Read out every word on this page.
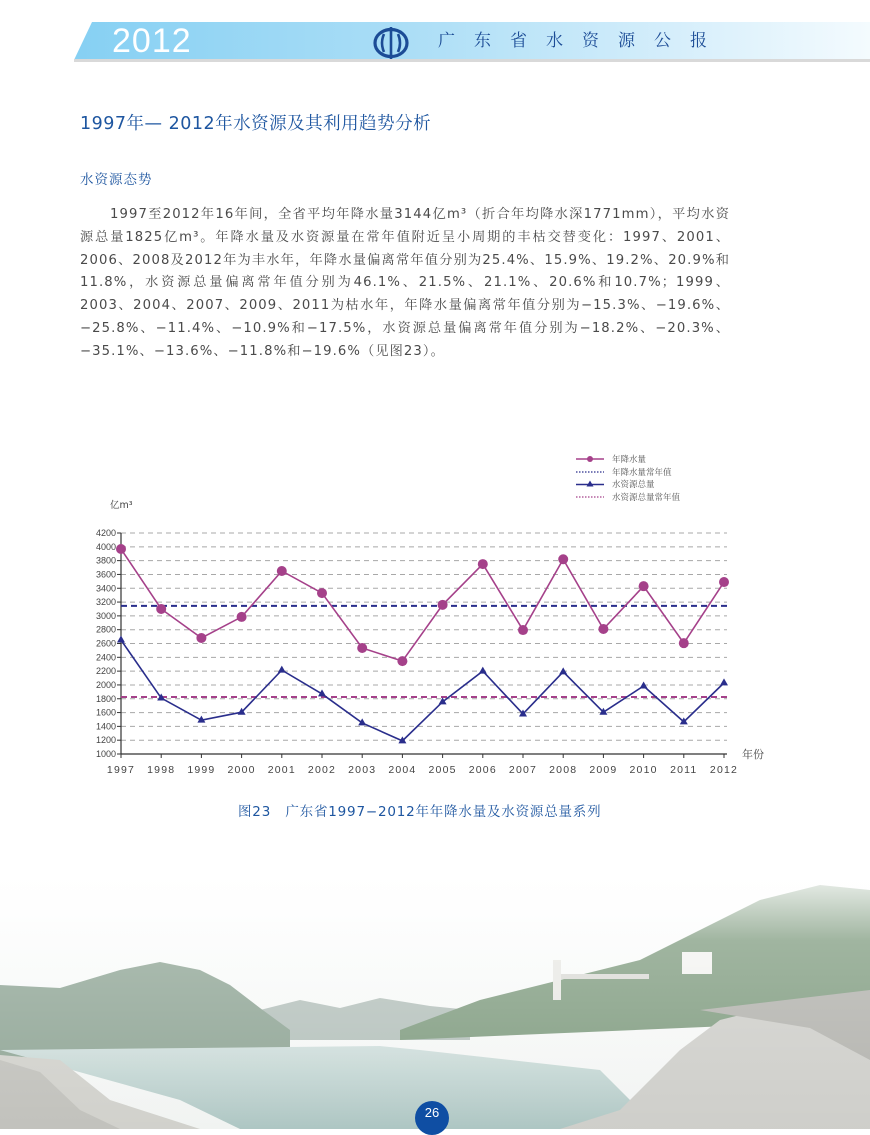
2012	广东省水资源公报
1997年— 2012年水资源及其利用趋势分析
水资源态势

1997至2012年16年间，全省平均年降水量3144亿m³（折合年均降水深1771mm），平均水资源总量1825亿m³。年降水量及水资源量在常年值附近呈小周期的丰枯交替变化：1997、2001、2006、2008及2012年为丰水年，年降水量偏离常年值分别为25.4%、15.9%、19.2%、20.9%和11.8%，水资源总量偏离常年值分别为46.1%、21.5%、21.1%、20.6%和10.7%；1999、2003、2004、2007、2009、2011为枯水年，年降水量偏离常年值分别为−15.3%、−19.6%、−25.8%、−11.4%、−10.9%和−17.5%，水资源总量偏离常年值分别为−18.2%、−20.3%、−35.1%、−13.6%、−11.8%和−19.6%（见图23）。

1000
1200
1400
1600
1800
2000
2200
2400
2600
2800
3000
3200
3400
3600
3800
4000
4200
亿m³
1997 1998 1999 2000 2001 2002 2003 2004 2005 2006 2007 2008 2009 2010 2011 2012
年份
年降水量
年降水量常年值
水资源总量
水资源总量常年值
图23　广东省1997−2012年年降水量及水资源总量系列
26
